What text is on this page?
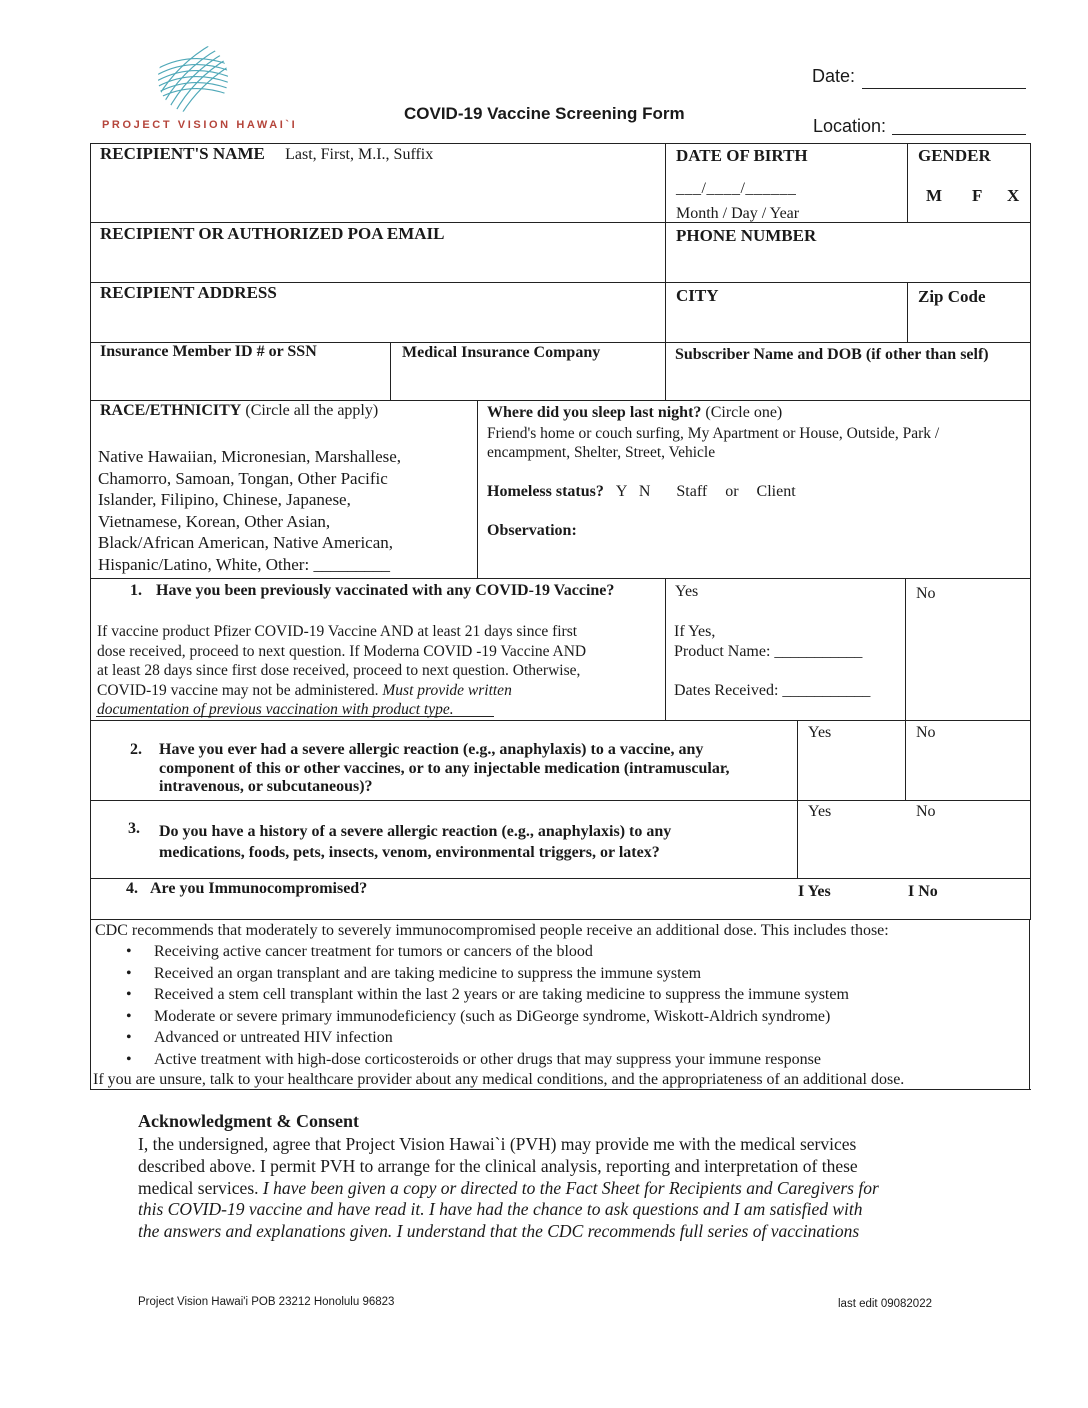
PROJECT VISION HAWAI`I
COVID-19 Vaccine Screening Form
Date:
Location:
RECIPIENT'S NAME Last, First, M.I., Suffix	DATE OF BIRTH
___/____/______
Month / Day / Year
GENDER
M F X
RECIPIENT OR AUTHORIZED POA EMAIL	PHONE NUMBER
RECIPIENT ADDRESS	CITY	Zip Code
Insurance Member ID # or SSN	Medical Insurance Company	Subscriber Name and DOB (if other than self)
RACE/ETHNICITY (Circle all the apply)
Native Hawaiian, Micronesian, Marshallese,
Chamorro, Samoan, Tongan, Other Pacific
Islander, Filipino, Chinese, Japanese,
Vietnamese, Korean, Other Asian,
Black/African American, Native American,
Hispanic/Latino, White, Other: _________
Where did you sleep last night? (Circle one)
Friend's home or couch surfing, My Apartment or House, Outside, Park /
encampment, Shelter, Street, Vehicle
Homeless status? Y   N Staff or Client
Observation:
1. Have you been previously vaccinated with any COVID-19 Vaccine?
If vaccine product Pfizer COVID-19 Vaccine AND at least 21 days since first
dose received, proceed to next question. If Moderna COVID -19 Vaccine AND
at least 28 days since first dose received, proceed to next question. Otherwise,
COVID-19 vaccine may not be administered. Must provide written
documentation of previous vaccination with product type.
Yes	No
If Yes,
Product Name: ___________
Dates Received: ___________
2. Have you ever had a severe allergic reaction (e.g., anaphylaxis) to a vaccine, any
component of this or other vaccines, or to any injectable medication (intramuscular,
intravenous, or subcutaneous)?
Yes	No
3. Do you have a history of a severe allergic reaction (e.g., anaphylaxis) to any
medications, foods, pets, insects, venom, environmental triggers, or latex?
Yes	No
4. Are you Immunocompromised?	I Yes	I No
CDC recommends that moderately to severely immunocompromised people receive an additional dose. This includes those:
• Receiving active cancer treatment for tumors or cancers of the blood
• Received an organ transplant and are taking medicine to suppress the immune system
• Received a stem cell transplant within the last 2 years or are taking medicine to suppress the immune system
• Moderate or severe primary immunodeficiency (such as DiGeorge syndrome, Wiskott-Aldrich syndrome)
• Advanced or untreated HIV infection
• Active treatment with high-dose corticosteroids or other drugs that may suppress your immune response
If you are unsure, talk to your healthcare provider about any medical conditions, and the appropriateness of an additional dose.
Acknowledgment & Consent
I, the undersigned, agree that Project Vision Hawai`i (PVH) may provide me with the medical services
described above. I permit PVH to arrange for the clinical analysis, reporting and interpretation of these
medical services. I have been given a copy or directed to the Fact Sheet for Recipients and Caregivers for
this COVID-19 vaccine and have read it. I have had the chance to ask questions and I am satisfied with
the answers and explanations given. I understand that the CDC recommends full series of vaccinations
Project Vision Hawai'i POB 23212 Honolulu 96823	last edit 09082022
